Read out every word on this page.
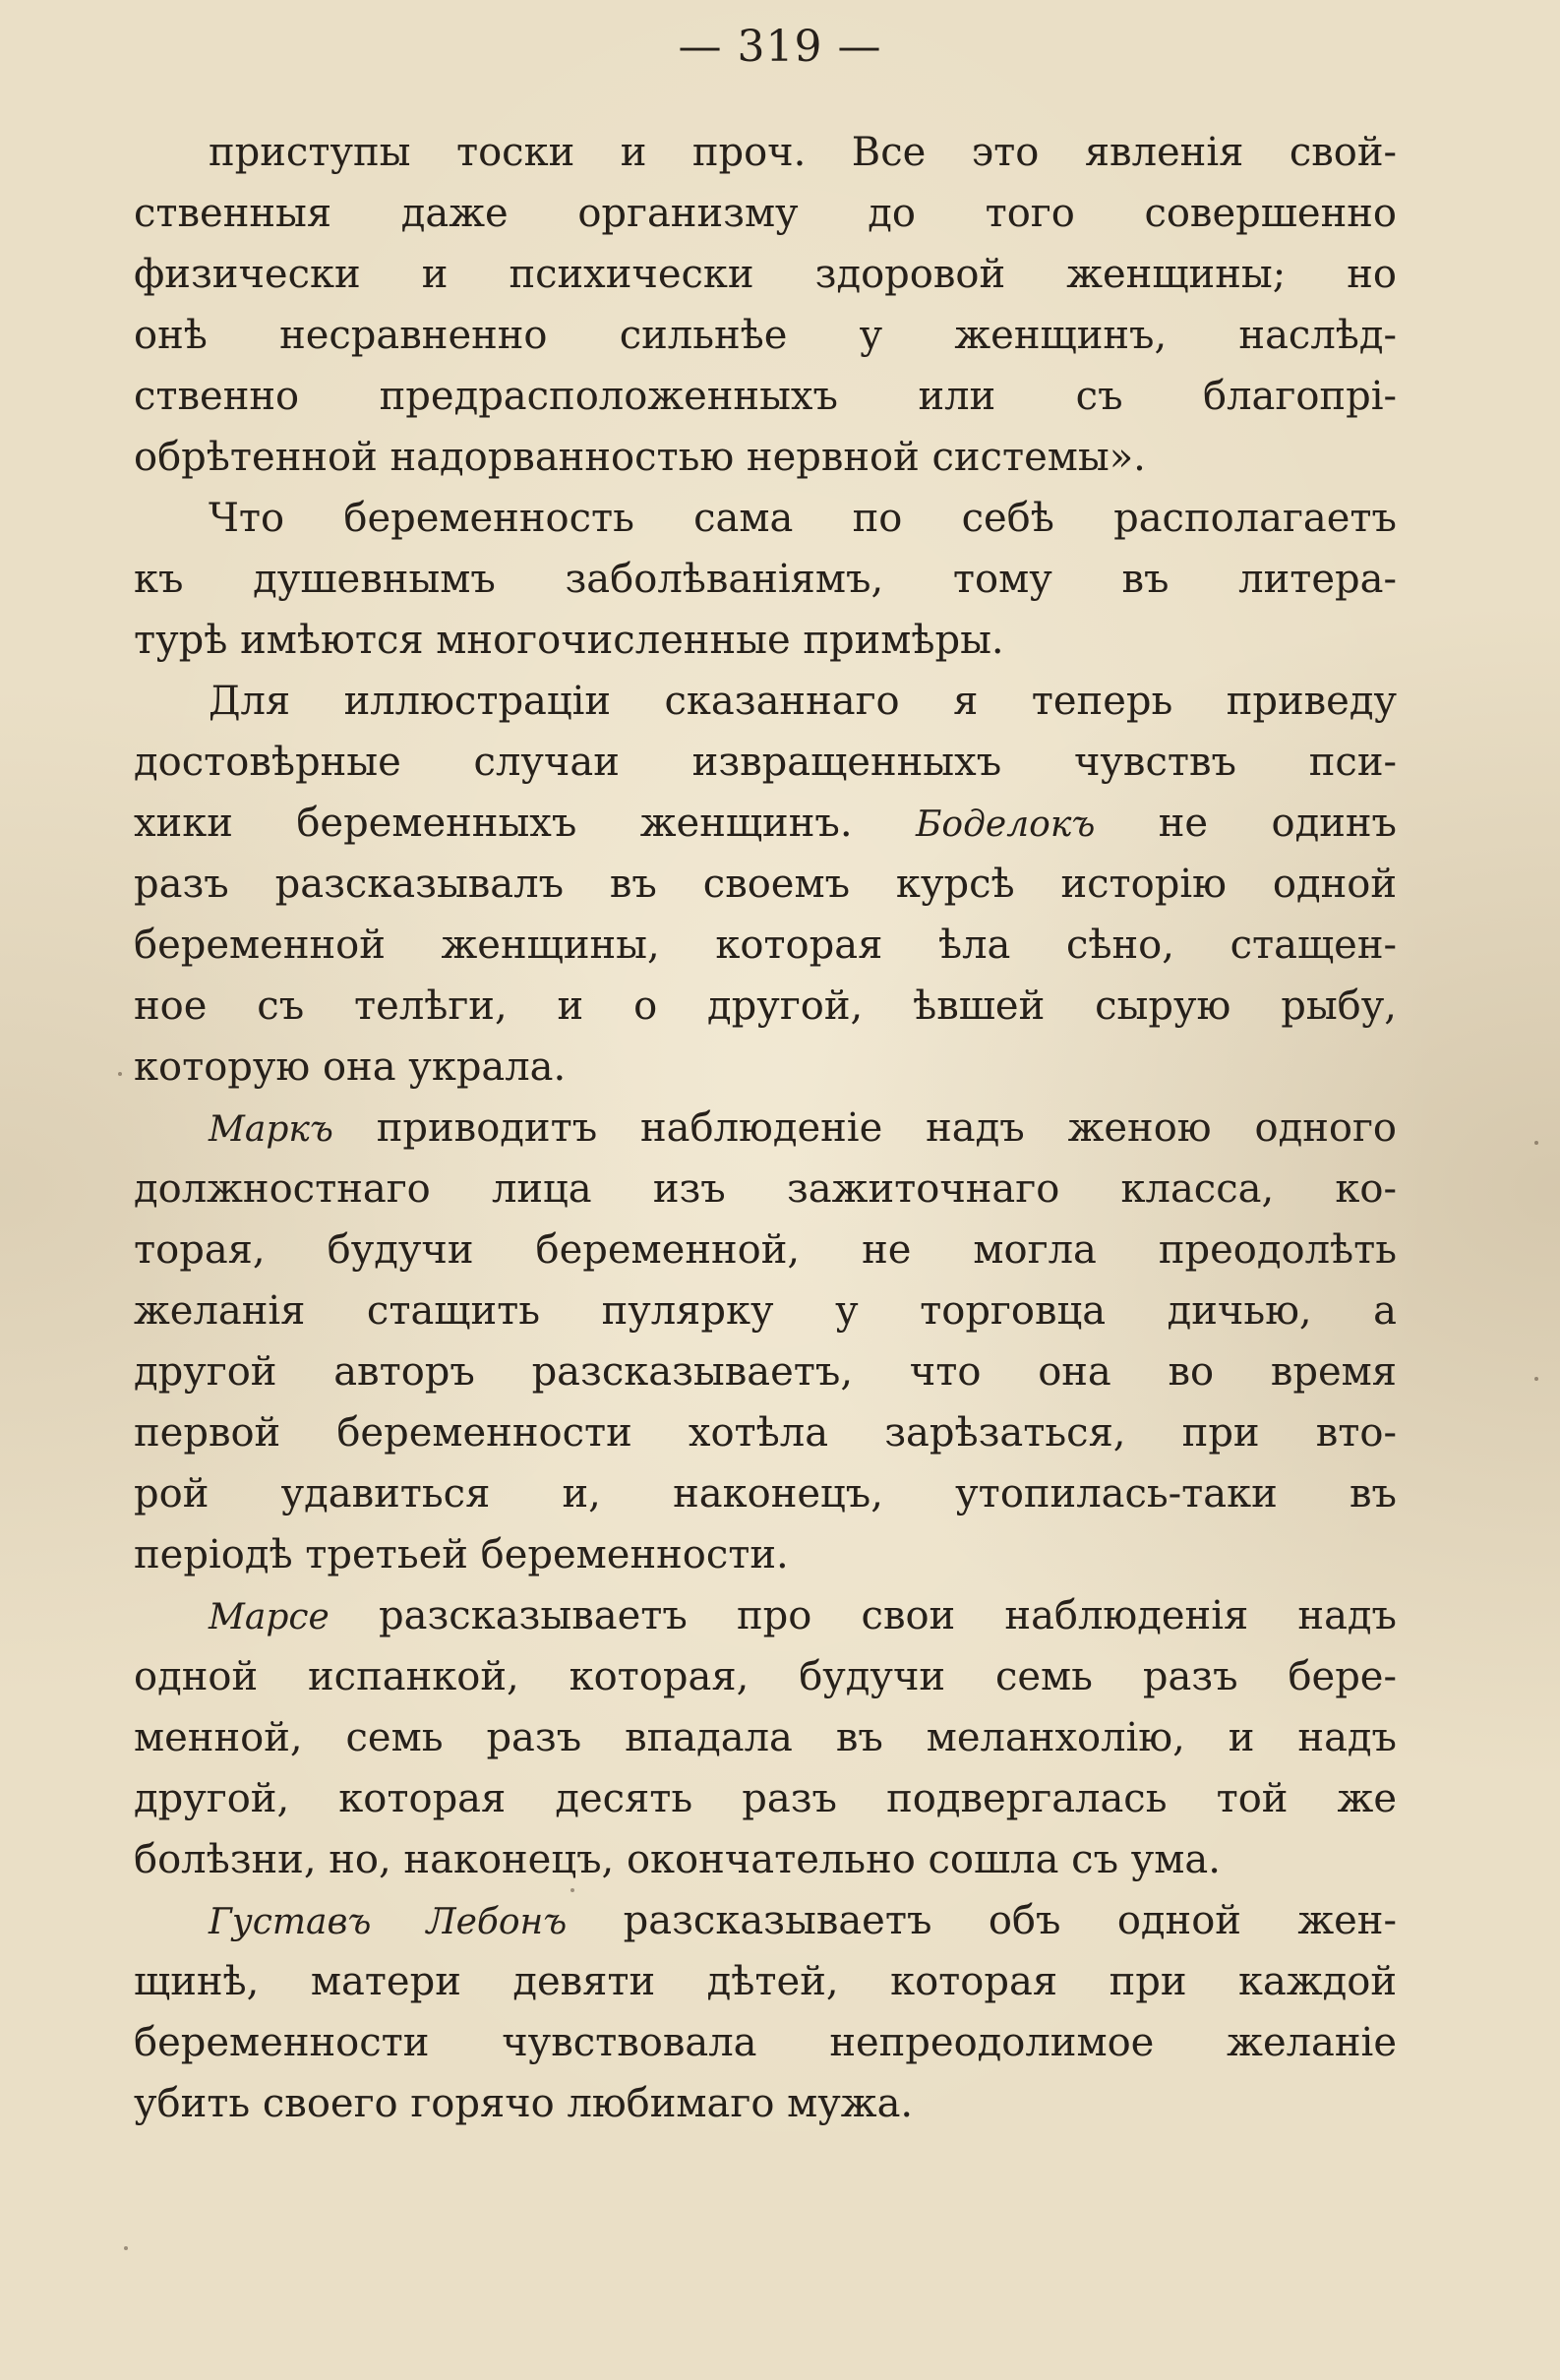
— 319 —
приступы тоски и проч. Все это явленія свой-
ственныя даже организму до того совершенно
физически и психически здоровой женщины; но
онѣ несравненно сильнѣе у женщинъ, наслѣд-
ственно предрасположенныхъ или съ благопрі-
обрѣтенной надорванностью нервной системы».
Что беременность сама по себѣ располагаетъ
къ душевнымъ заболѣваніямъ, тому въ литера-
турѣ имѣются многочисленные примѣры.
Для иллюстраціи сказаннаго я теперь приведу
достовѣрные случаи извращенныхъ чувствъ пси-
хики беременныхъ женщинъ. Боделокъ не одинъ
разъ разсказывалъ въ своемъ курсѣ исторію одной
беременной женщины, которая ѣла сѣно, стащен-
ное съ телѣги, и о другой, ѣвшей сырую рыбу,
которую она украла.
Маркъ приводитъ наблюденіе надъ женою одного
должностнаго лица изъ зажиточнаго класса, ко-
торая, будучи беременной, не могла преодолѣть
желанія стащить пулярку у торговца дичью, а
другой авторъ разсказываетъ, что она во время
первой беременности хотѣла зарѣзаться, при вто-
рой удавиться и, наконецъ, утопилась-таки въ
періодѣ третьей беременности.
Марсе разсказываетъ про свои наблюденія надъ
одной испанкой, которая, будучи семь разъ бере-
менной, семь разъ впадала въ меланхолію, и надъ
другой, которая десять разъ подвергалась той же
болѣзни, но, наконецъ, окончательно сошла съ ума.
Густавъ Лебонъ разсказываетъ объ одной жен-
щинѣ, матери девяти дѣтей, которая при каждой
беременности чувствовала непреодолимое желаніе
убить своего горячо любимаго мужа.
